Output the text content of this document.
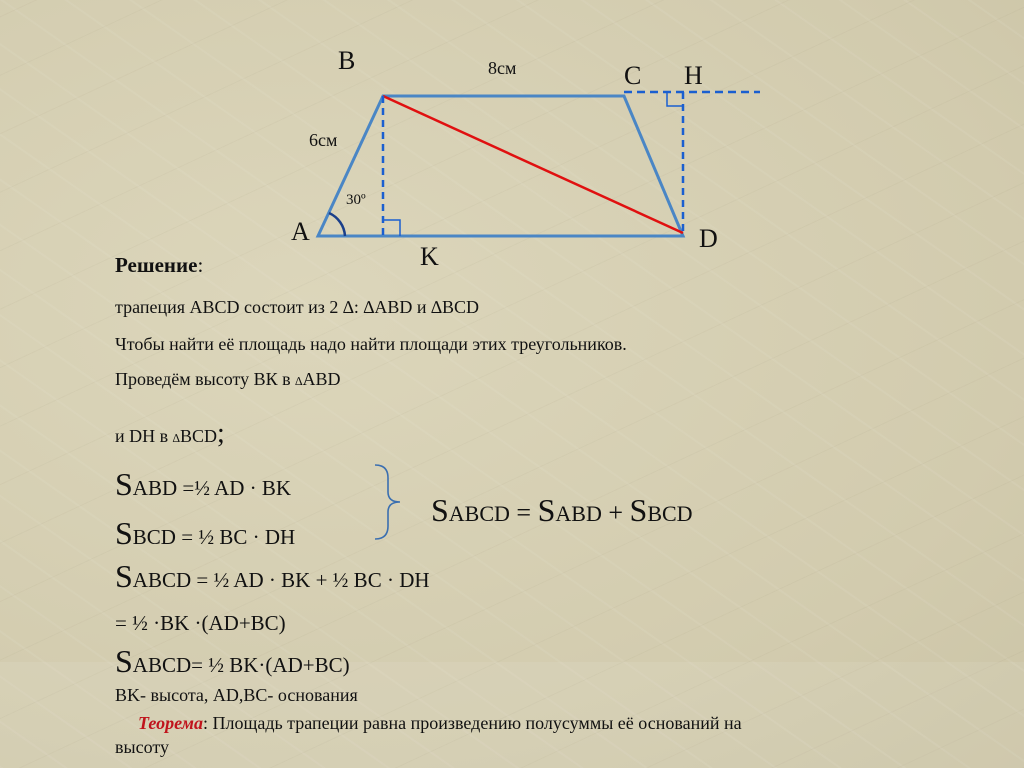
B	8см	C H
6см
30º
A	D
K
Решение:
трапеция АВСD состоит из 2 ∆: ∆ABD и ∆BCD
Чтобы найти её площадь надо найти площади этих треугольников.
Проведём высоту ВК в ∆ABD
и DH в ∆BCD;
SABD =½ AD · BK
SBCD = ½ BC · DH
SABCD = SABD + SBCD
SABCD = ½ AD · BK + ½ BC · DH
= ½ ·BK ·(AD+BC)
SABCD= ½ BK·(AD+BC)
BK- высота, AD,BC- основания
Теорема: Площадь трапеции равна произведению полусуммы её оснований на
высоту
